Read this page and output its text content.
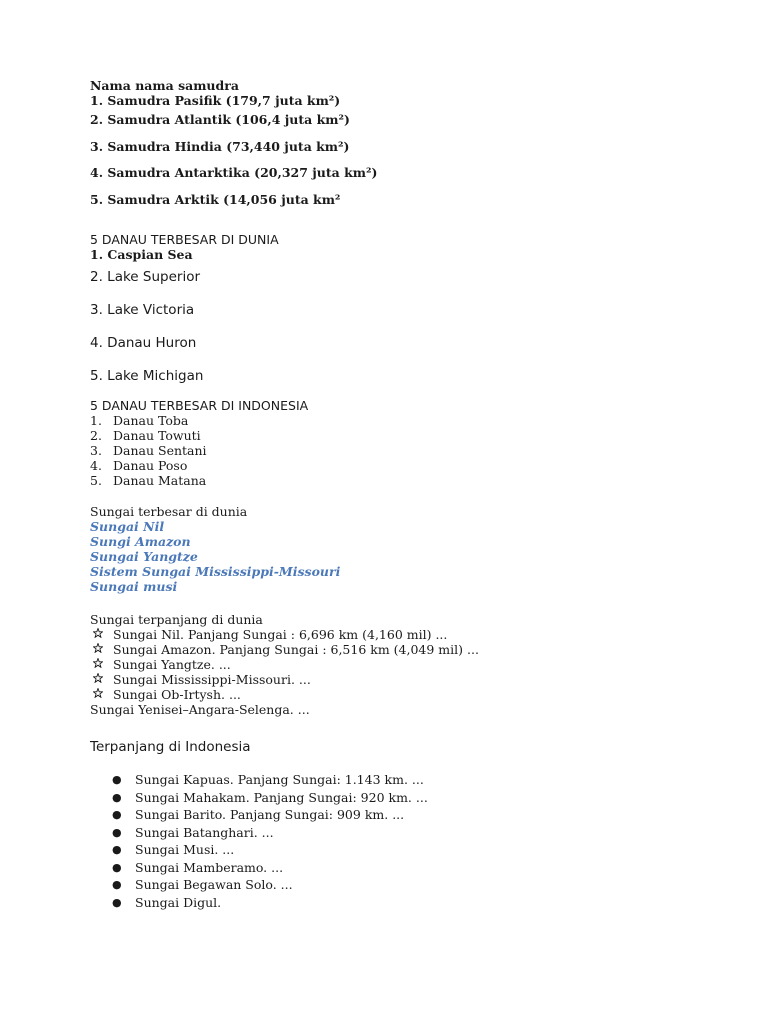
Nama nama samudra
1. Samudra Pasifik (179,7 juta km²)
2. Samudra Atlantik (106,4 juta km²)
3. Samudra Hindia (73,440 juta km²)
4. Samudra Antarktika (20,327 juta km²)
5. Samudra Arktik (14,056 juta km²
5 DANAU TERBESAR DI DUNIA
1. Caspian Sea
2. Lake Superior
3. Lake Victoria
4. Danau Huron
5. Lake Michigan
5 DANAU TERBESAR DI INDONESIA
1. Danau Toba
2. Danau Towuti
3. Danau Sentani
4. Danau Poso
5. Danau Matana
Sungai terbesar di dunia
Sungai Nil
Sungi Amazon
Sungai Yangtze
Sistem Sungai Mississippi-Missouri
Sungai musi
Sungai terpanjang di dunia
Sungai Nil. Panjang Sungai : 6,696 km (4,160 mil) ...
Sungai Amazon. Panjang Sungai : 6,516 km (4,049 mil) ...
Sungai Yangtze. ...
Sungai Mississippi-Missouri. ...
Sungai Ob-Irtysh. ...
Sungai Yenisei–Angara-Selenga. ...
Terpanjang di Indonesia
●	Sungai Kapuas. Panjang Sungai: 1.143 km. ...
●	Sungai Mahakam. Panjang Sungai: 920 km. ...
●	Sungai Barito. Panjang Sungai: 909 km. ...
●	Sungai Batanghari. ...
●	Sungai Musi. ...
●	Sungai Mamberamo. ...
●	Sungai Begawan Solo. ...
●	Sungai Digul.
